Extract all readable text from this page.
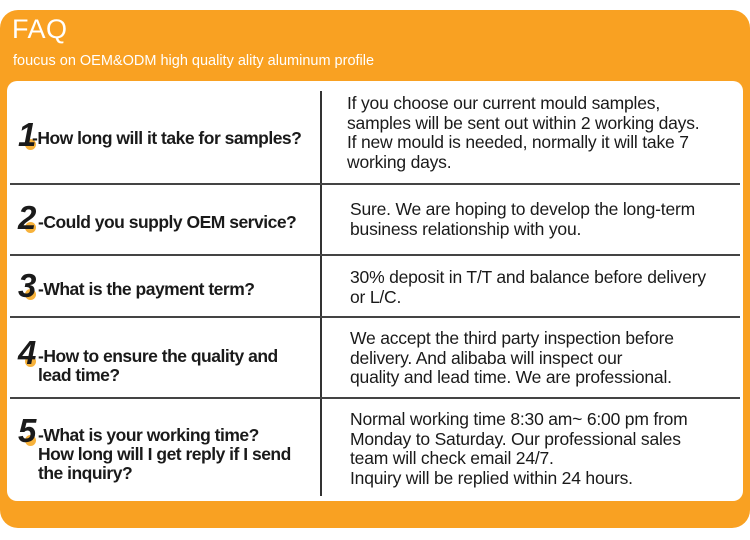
FAQ
foucus on OEM&ODM high quality ality aluminum profile
1
-How long will it take for samples?
If you choose our current mould samples,
samples will be sent out within 2 working days.
If new mould is needed, normally it will take 7
working days.
2 -Could you supply OEM service?
Sure. We are hoping to develop the long-term
business relationship with you.
3 -What is the payment term?
30% deposit in T/T and balance before delivery
or L/C.
4 -How to ensure the quality and
lead time?
We accept the third party inspection before
delivery. And alibaba will inspect our
quality and lead time. We are professional.
5 -What is your working time?
How long will I get reply if I send
the inquiry?
Normal working time 8:30 am~ 6:00 pm from
Monday to Saturday. Our professional sales
team will check email 24/7.
Inquiry will be replied within 24 hours.
